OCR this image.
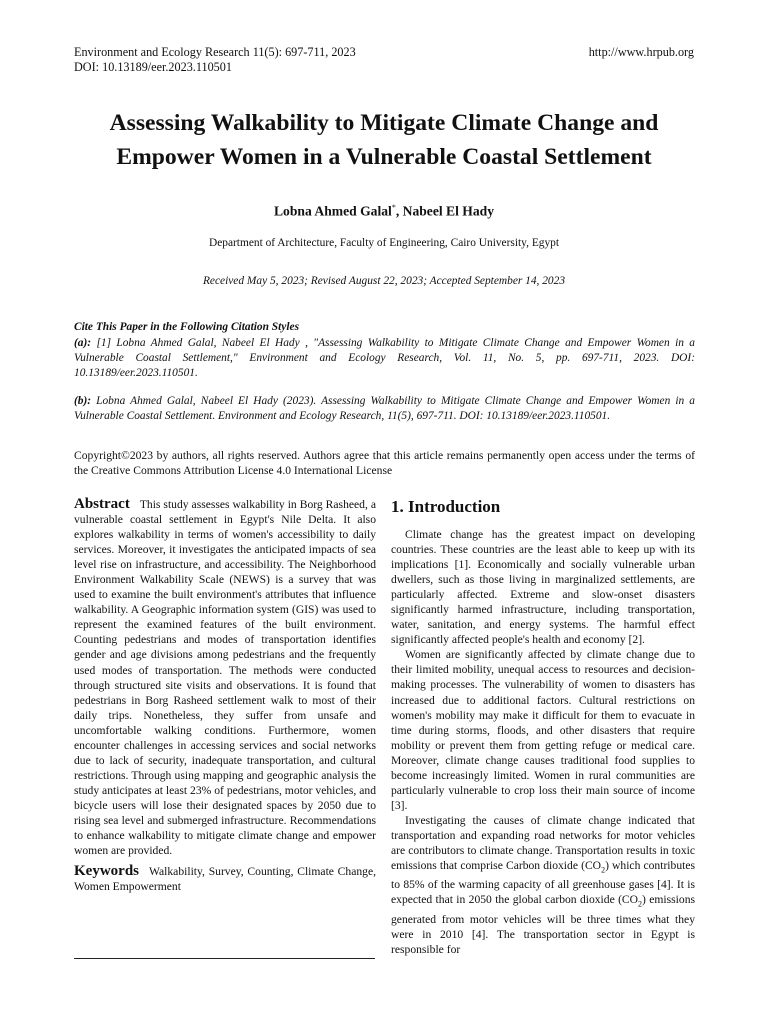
Environment and Ecology Research 11(5): 697-711, 2023
DOI: 10.13189/eer.2023.110501
http://www.hrpub.org
Assessing Walkability to Mitigate Climate Change and
Empower Women in a Vulnerable Coastal Settlement
Lobna Ahmed Galal*, Nabeel El Hady
Department of Architecture, Faculty of Engineering, Cairo University, Egypt
Received May 5, 2023; Revised August 22, 2023; Accepted September 14, 2023
Cite This Paper in the Following Citation Styles
(a): [1] Lobna Ahmed Galal, Nabeel El Hady , "Assessing Walkability to Mitigate Climate Change and Empower Women in a Vulnerable Coastal Settlement," Environment and Ecology Research, Vol. 11, No. 5, pp. 697-711, 2023. DOI: 10.13189/eer.2023.110501.
(b): Lobna Ahmed Galal, Nabeel El Hady (2023). Assessing Walkability to Mitigate Climate Change and Empower Women in a Vulnerable Coastal Settlement. Environment and Ecology Research, 11(5), 697-711. DOI: 10.13189/eer.2023.110501.
Copyright©2023 by authors, all rights reserved. Authors agree that this article remains permanently open access under the terms of the Creative Commons Attribution License 4.0 International License
Abstract This study assesses walkability in Borg Rasheed, a vulnerable coastal settlement in Egypt's Nile Delta. It also explores walkability in terms of women's accessibility to daily services. Moreover, it investigates the anticipated impacts of sea level rise on infrastructure, and accessibility. The Neighborhood Environment Walkability Scale (NEWS) is a survey that was used to examine the built environment's attributes that influence walkability. A Geographic information system (GIS) was used to represent the examined features of the built environment. Counting pedestrians and modes of transportation identifies gender and age divisions among pedestrians and the frequently used modes of transportation. The methods were conducted through structured site visits and observations. It is found that pedestrians in Borg Rasheed settlement walk to most of their daily trips. Nonetheless, they suffer from unsafe and uncomfortable walking conditions. Furthermore, women encounter challenges in accessing services and social networks due to lack of security, inadequate transportation, and cultural restrictions. Through using mapping and geographic analysis the study anticipates at least 23% of pedestrians, motor vehicles, and bicycle users will lose their designated spaces by 2050 due to rising sea level and submerged infrastructure. Recommendations to enhance walkability to mitigate climate change and empower women are provided.
Keywords Walkability, Survey, Counting, Climate Change, Women Empowerment
1. Introduction

Climate change has the greatest impact on developing countries. These countries are the least able to keep up with its implications [1]. Economically and socially vulnerable urban dwellers, such as those living in marginalized settlements, are particularly affected. Extreme and slow-onset disasters significantly harmed infrastructure, including transportation, water, sanitation, and energy systems. The harmful effect significantly affected people's health and economy [2].

Women are significantly affected by climate change due to their limited mobility, unequal access to resources and decision-making processes. The vulnerability of women to disasters has increased due to additional factors. Cultural restrictions on women's mobility may make it difficult for them to evacuate in time during storms, floods, and other disasters that require mobility or prevent them from getting refuge or medical care. Moreover, climate change causes traditional food supplies to become increasingly limited. Women in rural communities are particularly vulnerable to crop loss their main source of income [3].

Investigating the causes of climate change indicated that transportation and expanding road networks for motor vehicles are contributors to climate change. Transportation results in toxic emissions that comprise Carbon dioxide $(CO_2)$ which contributes to 85% of the warming capacity of all greenhouse gases [4]. It is expected that in 2050 the global carbon dioxide $(CO_2)$ emissions generated from motor vehicles will be three times what they were in 2010 [4]. The transportation sector in Egypt is responsible for
